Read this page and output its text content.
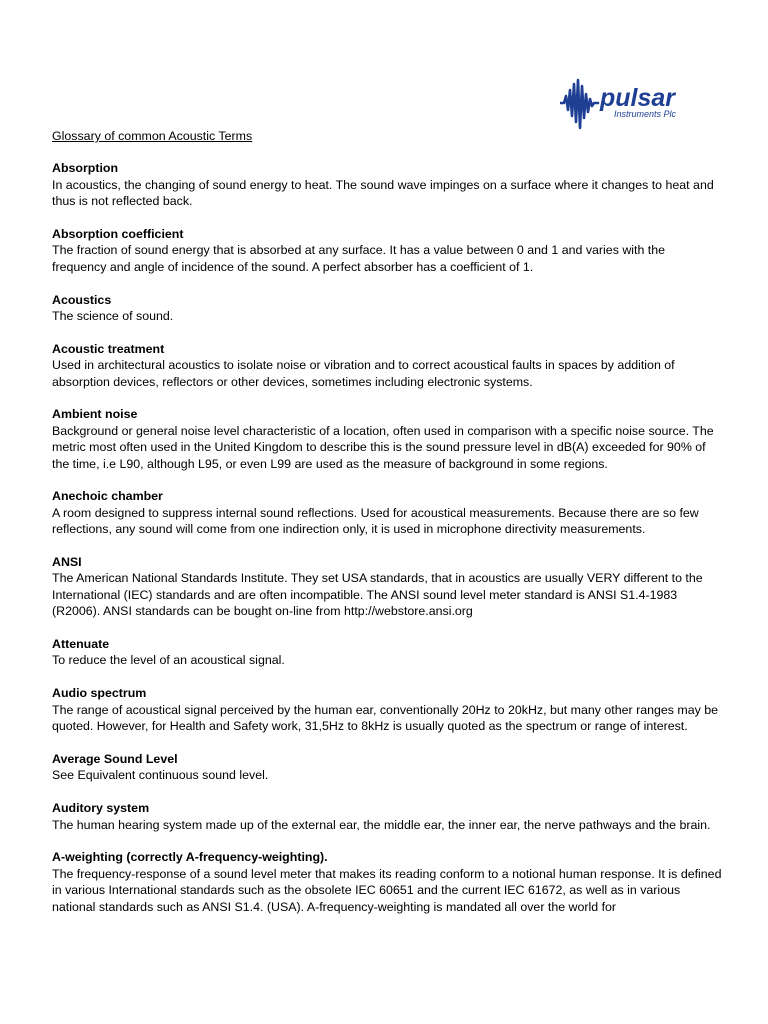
pulsar
Instruments Plc
Glossary of common Acoustic Terms
Absorption
In acoustics, the changing of sound energy to heat. The sound wave impinges on a surface where it changes to heat and thus is not reflected back.
Absorption coefficient
The fraction of sound energy that is absorbed at any surface. It has a value between 0 and 1 and varies with the frequency and angle of incidence of the sound. A perfect absorber has a coefficient of 1.
Acoustics
The science of sound.
Acoustic treatment
Used in architectural acoustics to isolate noise or vibration and to correct acoustical faults in spaces by addition of absorption devices, reflectors or other devices, sometimes including electronic systems.
Ambient noise
Background or general noise level characteristic of a location, often used in comparison with a specific noise source. The metric most often used in the United Kingdom to describe this is the sound pressure level in dB(A) exceeded for 90% of the time, i.e L90, although L95, or even L99 are used as the measure of background in some regions.
Anechoic chamber
A room designed to suppress internal sound reflections. Used for acoustical measurements. Because there are so few reflections, any sound will come from one indirection only, it is used in microphone directivity measurements.
ANSI
The American National Standards Institute. They set USA standards, that in acoustics are usually VERY different to the International (IEC) standards and are often incompatible. The ANSI sound level meter standard is ANSI S1.4-1983 (R2006). ANSI standards can be bought on-line from http://webstore.ansi.org
Attenuate
To reduce the level of an acoustical signal.
Audio spectrum
The range of acoustical signal perceived by the human ear, conventionally 20Hz to 20kHz, but many other ranges may be quoted. However, for Health and Safety work, 31,5Hz to 8kHz is usually quoted as the spectrum or range of interest.
Average Sound Level
See Equivalent continuous sound level.
Auditory system
The human hearing system made up of the external ear, the middle ear, the inner ear, the nerve pathways and the brain.
A-weighting (correctly A-frequency-weighting).
The frequency-response of a sound level meter that makes its reading conform to a notional human response. It is defined in various International standards such as the obsolete IEC 60651 and the current IEC 61672, as well as in various national standards such as ANSI S1.4. (USA). A-frequency-weighting is mandated all over the world for
